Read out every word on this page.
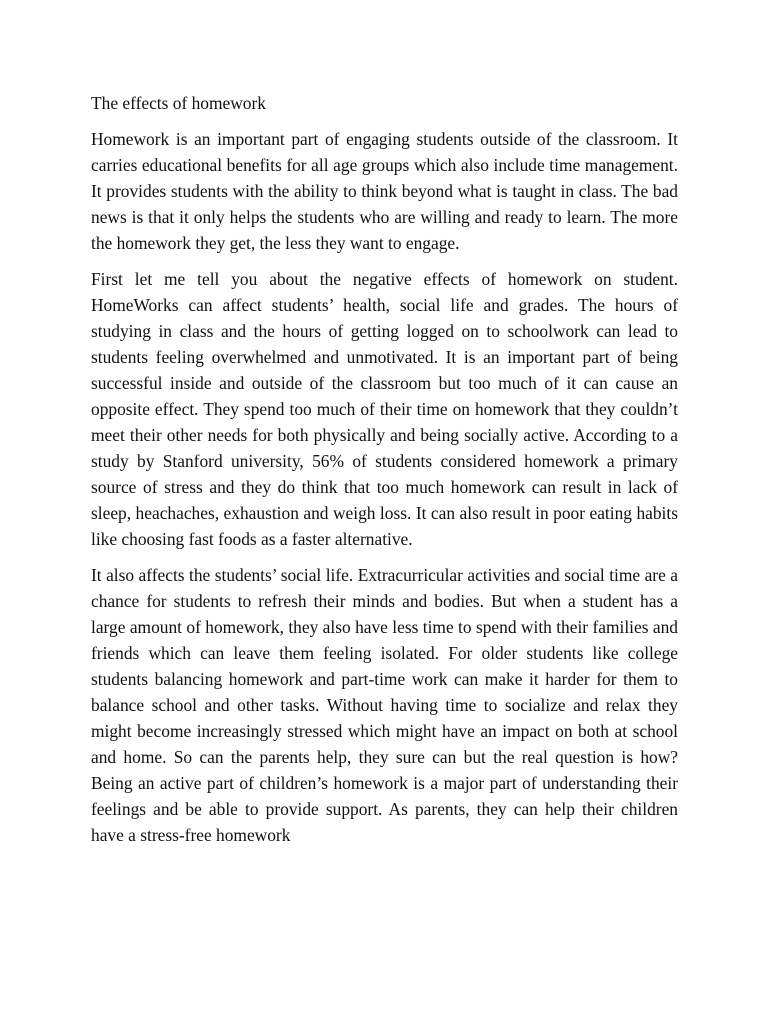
The effects of homework

Homework is an important part of engaging students outside of the classroom. It carries educational benefits for all age groups which also include time management. It provides students with the ability to think beyond what is taught in class. The bad news is that it only helps the students who are willing and ready to learn. The more the homework they get, the less they want to engage.

First let me tell you about the negative effects of homework on student. HomeWorks can affect students’ health, social life and grades. The hours of studying in class and the hours of getting logged on to schoolwork can lead to students feeling overwhelmed and unmotivated. It is an important part of being successful inside and outside of the classroom but too much of it can cause an opposite effect. They spend too much of their time on homework that they couldn’t meet their other needs for both physically and being socially active. According to a study by Stanford university, 56% of students considered homework a primary source of stress and they do think that too much homework can result in lack of sleep, heachaches, exhaustion and weigh loss. It can also result in poor eating habits like choosing fast foods as a faster alternative.

It also affects the students’ social life. Extracurricular activities and social time are a chance for students to refresh their minds and bodies. But when a student has a large amount of homework, they also have less time to spend with their families and friends which can leave them feeling isolated. For older students like college students balancing homework and part-time work can make it harder for them to balance school and other tasks. Without having time to socialize and relax they might become increasingly stressed which might have an impact on both at school and home. So can the parents help, they sure can but the real question is how? Being an active part of children’s homework is a major part of understanding their feelings and be able to provide support. As parents, they can help their children have a stress-free homework
